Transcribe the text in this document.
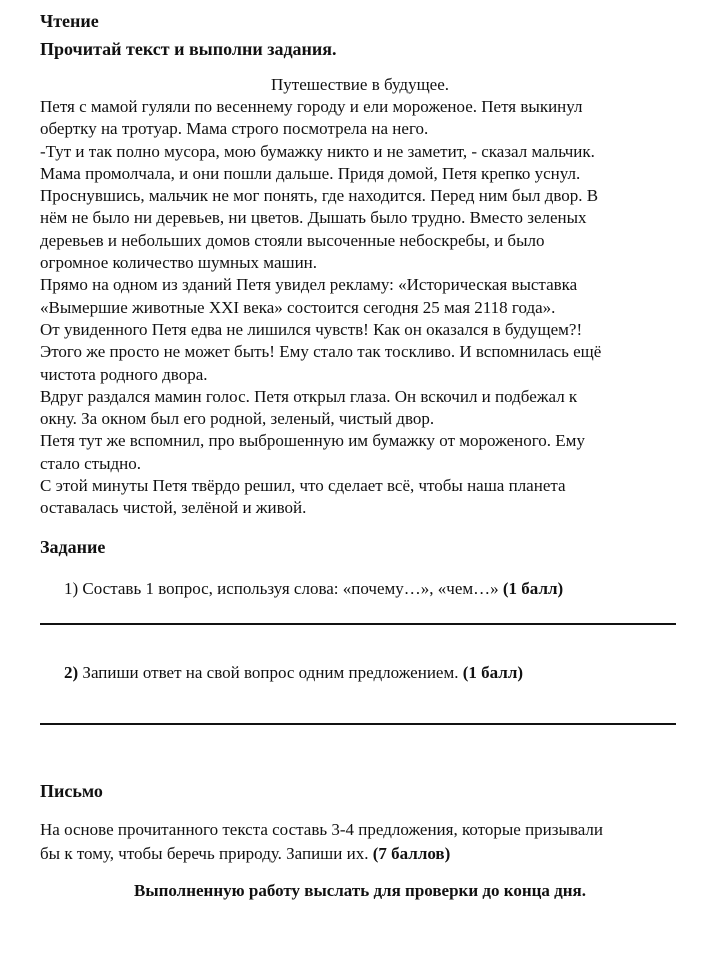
Чтение
Прочитай текст и выполни задания.
Путешествие в будущее.
Петя с мамой гуляли по весеннему городу и ели мороженое. Петя выкинул
обертку на тротуар. Мама строго посмотрела на него.
-Тут и так полно мусора, мою бумажку никто и не заметит, - сказал мальчик.
Мама промолчала, и они пошли дальше. Придя домой, Петя крепко уснул.
Проснувшись, мальчик не мог понять, где находится. Перед ним был двор. В
нём не было ни деревьев, ни цветов. Дышать было трудно. Вместо зеленых
деревьев и небольших домов стояли высоченные небоскребы, и было
огромное количество шумных машин.
Прямо на одном из зданий Петя увидел рекламу: «Историческая выставка
«Вымершие животные XXI века» состоится сегодня 25 мая 2118 года».
От увиденного Петя едва не лишился чувств! Как он оказался в будущем?!
Этого же просто не может быть! Ему стало так тоскливо. И вспомнилась ещё
чистота родного двора.
Вдруг раздался мамин голос. Петя открыл глаза. Он вскочил и подбежал к
окну. За окном был его родной, зеленый, чистый двор.
Петя тут же вспомнил, про выброшенную им бумажку от мороженого. Ему
стало стыдно.
С этой минуты Петя твёрдо решил, что сделает всё, чтобы наша планета
оставалась чистой, зелёной и живой.
Задание
1) Составь 1 вопрос, используя слова: «почему…», «чем…» (1 балл)
2) Запиши ответ на свой вопрос одним предложением. (1 балл)
Письмо
На основе прочитанного текста составь 3-4 предложения, которые призывали
бы к тому, чтобы беречь природу. Запиши их. (7 баллов)
Выполненную работу выслать для проверки до конца дня.
